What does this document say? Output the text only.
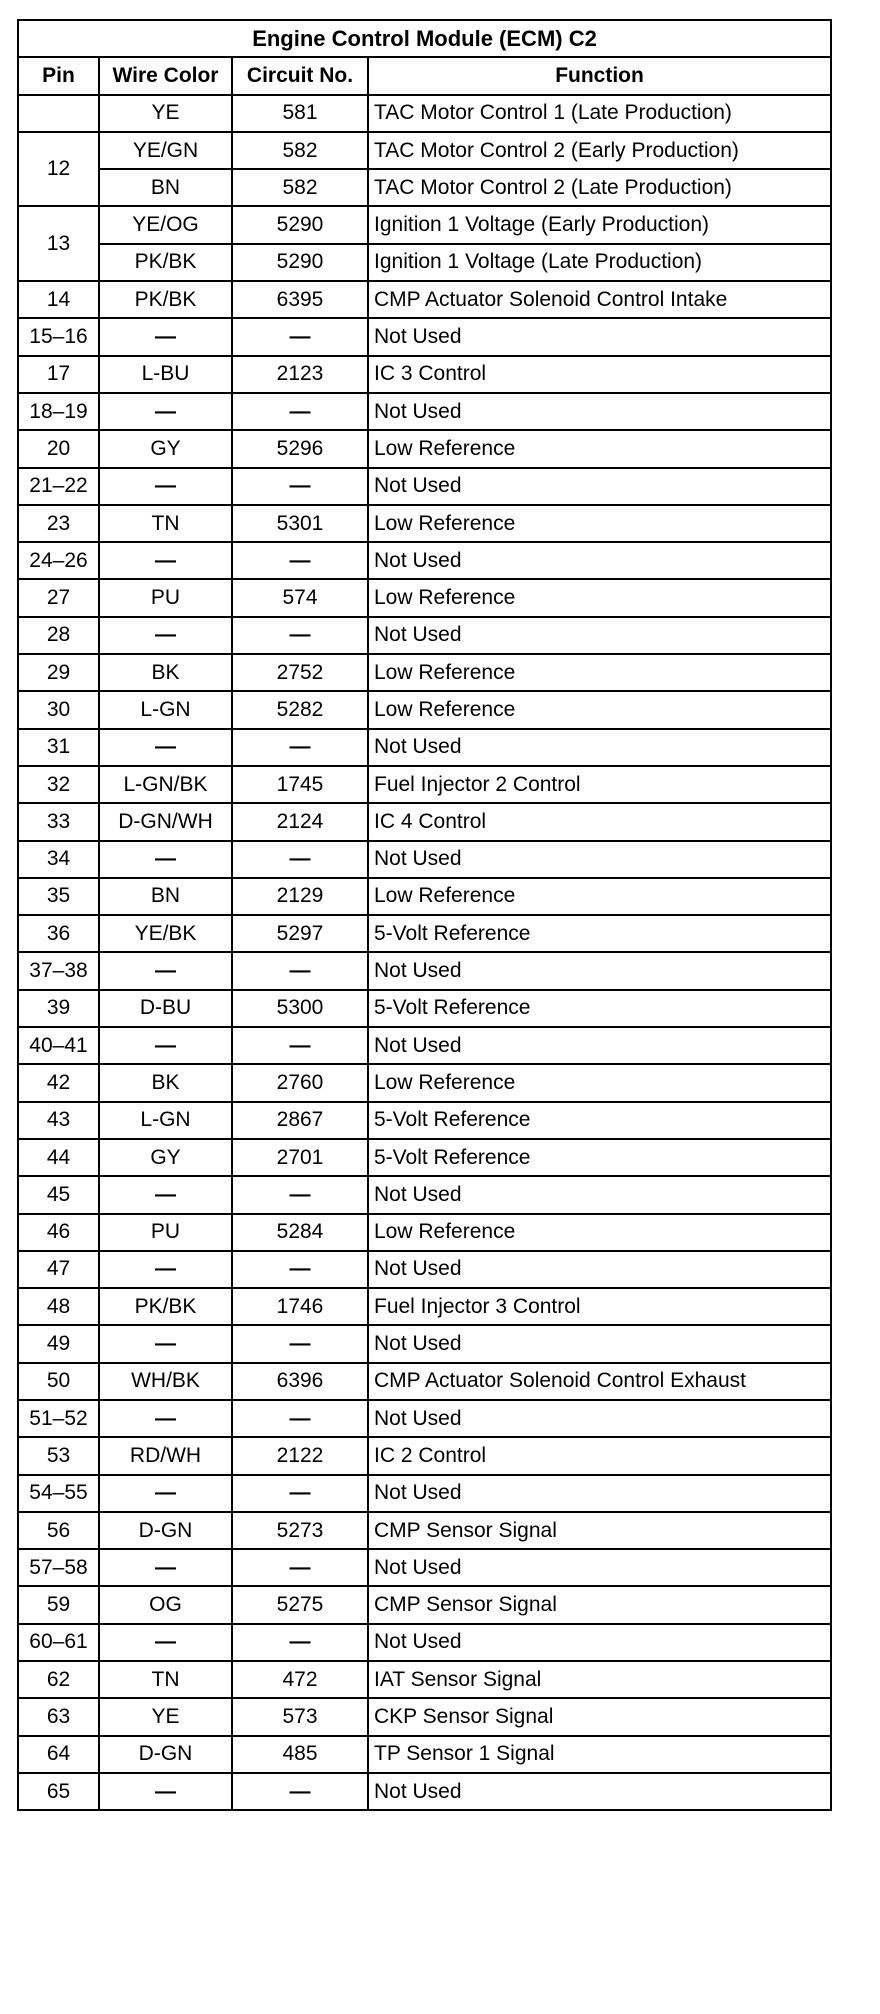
Engine Control Module (ECM) C2			
Pin	Wire Color	Circuit No.	Function
	YE	581	TAC Motor Control 1 (Late Production)
12	YE/GN	582	TAC Motor Control 2 (Early Production)
	BN	582	TAC Motor Control 2 (Late Production)
13	YE/OG	5290	Ignition 1 Voltage (Early Production)
	PK/BK	5290	Ignition 1 Voltage (Late Production)
14	PK/BK	6395	CMP Actuator Solenoid Control Intake
15–16	—	—	Not Used
17	L-BU	2123	IC 3 Control
18–19	—	—	Not Used
20	GY	5296	Low Reference
21–22	—	—	Not Used
23	TN	5301	Low Reference
24–26	—	—	Not Used
27	PU	574	Low Reference
28	—	—	Not Used
29	BK	2752	Low Reference
30	L-GN	5282	Low Reference
31	—	—	Not Used
32	L-GN/BK	1745	Fuel Injector 2 Control
33	D-GN/WH	2124	IC 4 Control
34	—	—	Not Used
35	BN	2129	Low Reference
36	YE/BK	5297	5-Volt Reference
37–38	—	—	Not Used
39	D-BU	5300	5-Volt Reference
40–41	—	—	Not Used
42	BK	2760	Low Reference
43	L-GN	2867	5-Volt Reference
44	GY	2701	5-Volt Reference
45	—	—	Not Used
46	PU	5284	Low Reference
47	—	—	Not Used
48	PK/BK	1746	Fuel Injector 3 Control
49	—	—	Not Used
50	WH/BK	6396	CMP Actuator Solenoid Control Exhaust
51–52	—	—	Not Used
53	RD/WH	2122	IC 2 Control
54–55	—	—	Not Used
56	D-GN	5273	CMP Sensor Signal
57–58	—	—	Not Used
59	OG	5275	CMP Sensor Signal
60–61	—	—	Not Used
62	TN	472	IAT Sensor Signal
63	YE	573	CKP Sensor Signal
64	D-GN	485	TP Sensor 1 Signal
65	—	—	Not Used
